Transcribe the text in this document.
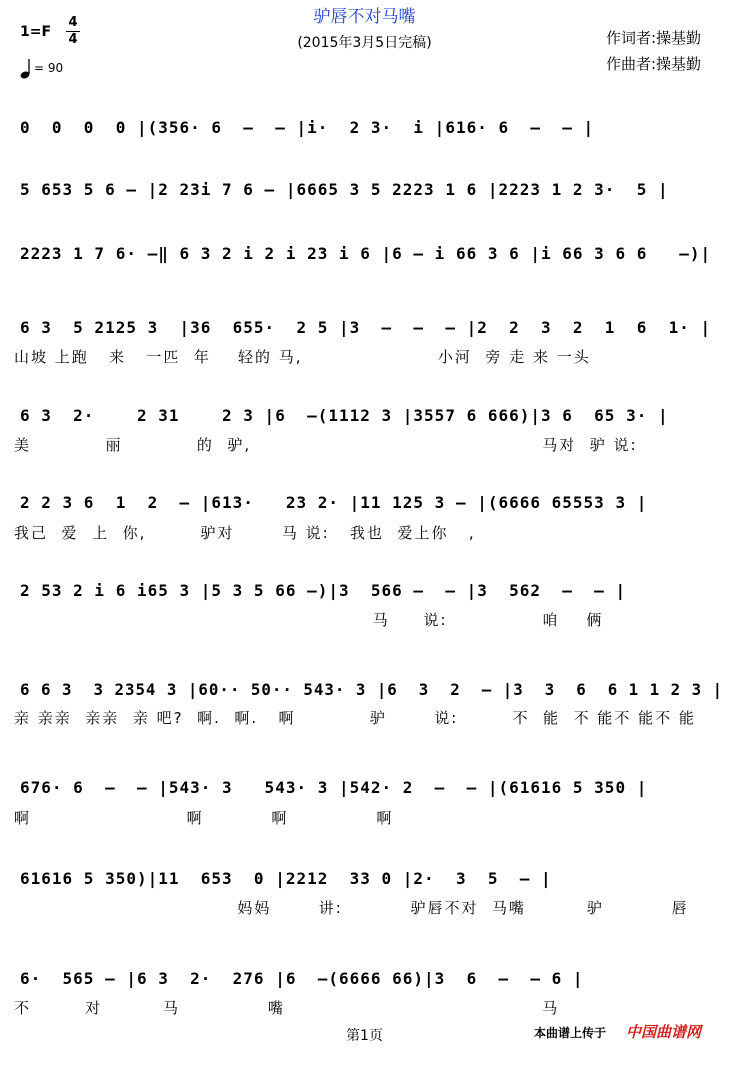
驴唇不对马嘴
(2015年3月5日完稿)
1=F
4
4
= 90
作词者:操基勤
作曲者:操基勤
0  0  0  0 |(356· 6  –  – |i·  2 3·  i |616· 6  –  – |
5 653 5 6 – |2 23i 7 6 – |6665 3 5 2223 1 6 |2223 1 2 3·  5 |
2223 1 7 6· –‖ 6 3 2 i 2 i 23 i 6 |6 – i 66 3 6 |i 66 3 6 6   –)|
6 3  5 2125 3  |36  655·  2 5 |3  –  –  – |2  2  3  2  1  6  1· |
山坡 上跑   来   一匹  年    轻的 马,                    小河  旁 走 来 一头
6 3  2·    2 31    2 3 |6  –(1112 3 |3557 6 666)|3 6  65 3· |
美           丽           的  驴,                                           马对  驴 说:
2 2 3 6  1  2  – |613·   23 2· |11 125 3 – |(6666 65553 3 |
我己  爱  上  你,        驴对       马 说:   我也  爱上你   ,
2 53 2 i 6 i65 3 |5 3 5 66 –)|3  566 –  – |3  562  –  – |
马     说:              咱    俩
6 6 3  3 2354 3 |60·· 50·· 543· 3 |6  3  2  – |3  3  6  6 1 1 2 3 |
亲 亲亲  亲亲  亲 吧?  啊.  啊.   啊           驴       说:        不  能  不 能不 能不 能
676· 6  –  – |543· 3   543· 3 |542· 2  –  – |(61616 5 350 |
啊                       啊          啊             啊
61616 5 350)|11  653  0 |2212  33 0 |2·  3  5  – |
妈妈       讲:          驴唇不对  马嘴         驴          唇
6·  565 – |6 3  2·  276 |6  –(6666 66)|3  6  –  – 6 |
不        对         马             嘴                                      马
第1页	本曲谱上传于 中国曲谱网
